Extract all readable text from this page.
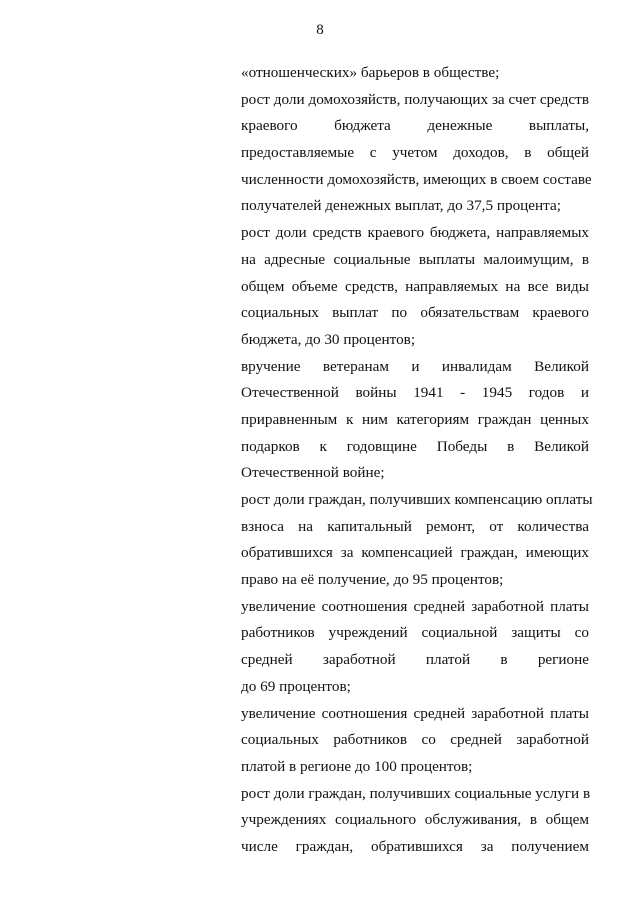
8
«отношенческих» барьеров в обществе;
рост доли домохозяйств, получающих за счет средств
краевого бюджета денежные выплаты,
предоставляемые с учетом доходов, в общей
численности домохозяйств, имеющих в своем составе
получателей денежных выплат, до 37,5 процента;
рост доли средств краевого бюджета, направляемых
на адресные социальные выплаты малоимущим, в
общем объеме средств, направляемых на все виды
социальных выплат по обязательствам краевого
бюджета, до 30 процентов;
вручение ветеранам и инвалидам Великой
Отечественной войны 1941 - 1945 годов и
приравненным к ним категориям граждан ценных
подарков к годовщине Победы в Великой
Отечественной войне;
рост доли граждан, получивших компенсацию оплаты
взноса на капитальный ремонт, от количества
обратившихся за компенсацией граждан, имеющих
право на её получение, до 95 процентов;
увеличение соотношения средней заработной платы
работников учреждений социальной защиты со
средней заработной платой в регионе
до 69 процентов;
увеличение соотношения средней заработной платы
социальных работников со средней заработной
платой в регионе до 100 процентов;
рост доли граждан, получивших социальные услуги в
учреждениях социального обслуживания, в общем
числе граждан, обратившихся за получением
